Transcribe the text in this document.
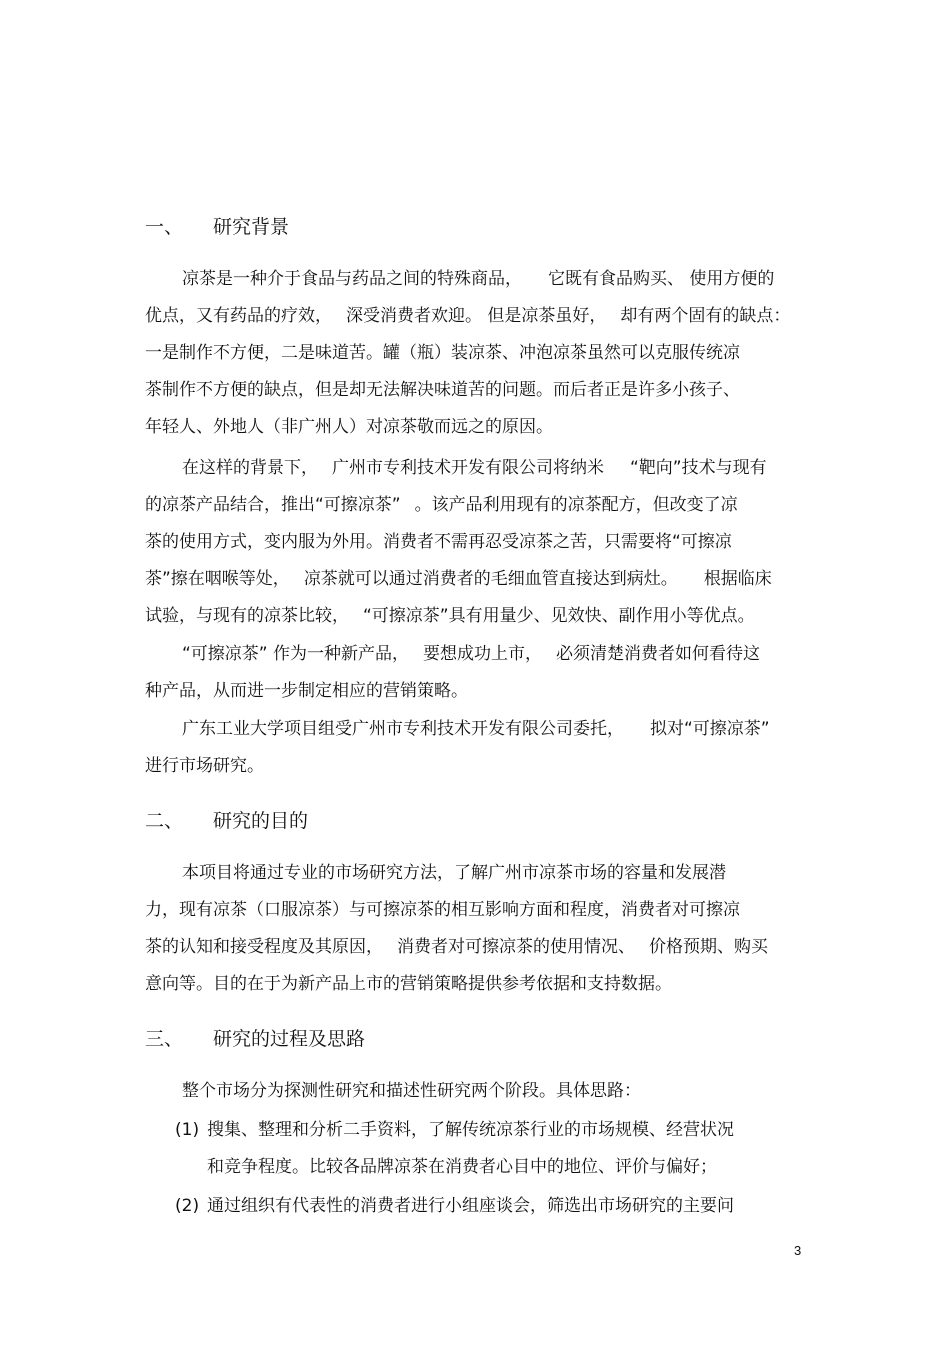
一、 研究背景
凉茶是一种介于食品与药品之间的特殊商品， 它既有食品购买、 使用方便的
优点，又有药品的疗效， 深受消费者欢迎。 但是凉茶虽好， 却有两个固有的缺点：
一是制作不方便，二是味道苦。罐（瓶）装凉茶、冲泡凉茶虽然可以克服传统凉
茶制作不方便的缺点，但是却无法解决味道苦的问题。而后者正是许多小孩子、
年轻人、外地人（非广州人）对凉茶敬而远之的原因。
在这样的背景下， 广州市专利技术开发有限公司将纳米 “靶向”技术与现有
的凉茶产品结合，推出“可擦凉茶” 。该产品利用现有的凉茶配方，但改变了凉
茶的使用方式，变内服为外用。消费者不需再忍受凉茶之苦，只需要将“可擦凉
茶”擦在咽喉等处， 凉茶就可以通过消费者的毛细血管直接达到病灶。 根据临床
试验，与现有的凉茶比较， “可擦凉茶”具有用量少、见效快、副作用小等优点。
“可擦凉茶” 作为一种新产品， 要想成功上市， 必须清楚消费者如何看待这
种产品，从而进一步制定相应的营销策略。
广东工业大学项目组受广州市专利技术开发有限公司委托， 拟对“可擦凉茶”
进行市场研究。
二、 研究的目的
本项目将通过专业的市场研究方法，了解广州市凉茶市场的容量和发展潜
力，现有凉茶（口服凉茶）与可擦凉茶的相互影响方面和程度，消费者对可擦凉
茶的认知和接受程度及其原因， 消费者对可擦凉茶的使用情况、 价格预期、购买
意向等。目的在于为新产品上市的营销策略提供参考依据和支持数据。
三、 研究的过程及思路
整个市场分为探测性研究和描述性研究两个阶段。具体思路：
(1) 搜集、整理和分析二手资料，了解传统凉茶行业的市场规模、经营状况
和竞争程度。比较各品牌凉茶在消费者心目中的地位、评价与偏好；
(2) 通过组织有代表性的消费者进行小组座谈会，筛选出市场研究的主要问
3
